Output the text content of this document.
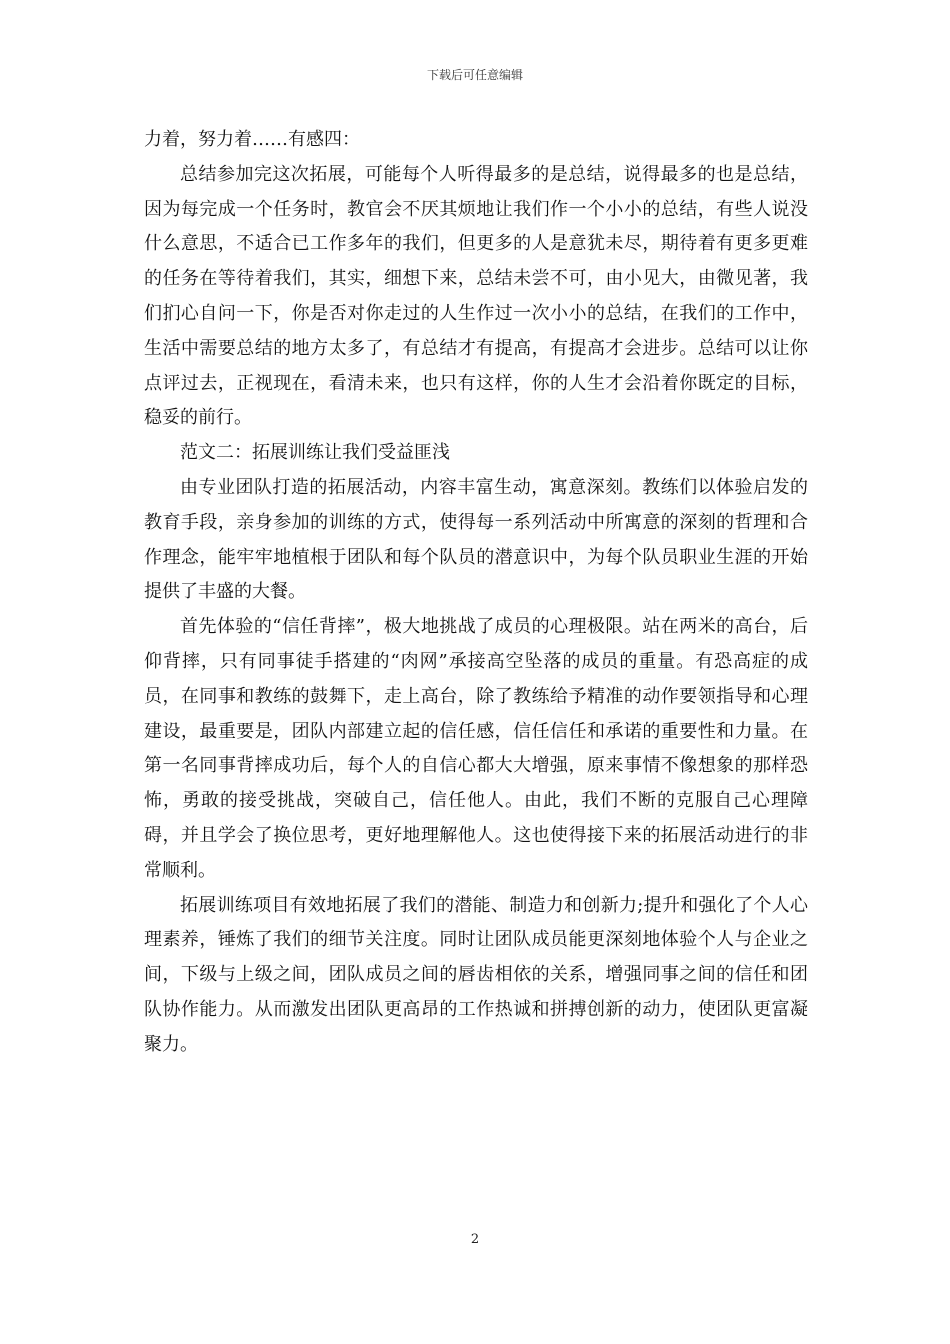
下载后可任意编辑

力着，努力着……有感四：

总结参加完这次拓展，可能每个人听得最多的是总结，说得最多的也是总结，因为每完成一个任务时，教官会不厌其烦地让我们作一个小小的总结，有些人说没什么意思，不适合已工作多年的我们，但更多的人是意犹未尽，期待着有更多更难的任务在等待着我们，其实，细想下来，总结未尝不可，由小见大，由微见著，我们扪心自问一下，你是否对你走过的人生作过一次小小的总结，在我们的工作中，生活中需要总结的地方太多了，有总结才有提高，有提高才会进步。总结可以让你点评过去，正视现在，看清未来，也只有这样，你的人生才会沿着你既定的目标，稳妥的前行。

范文二：拓展训练让我们受益匪浅

由专业团队打造的拓展活动，内容丰富生动，寓意深刻。教练们以体验启发的教育手段，亲身参加的训练的方式，使得每一系列活动中所寓意的深刻的哲理和合作理念，能牢牢地植根于团队和每个队员的潜意识中，为每个队员职业生涯的开始提供了丰盛的大餐。

首先体验的“信任背摔”，极大地挑战了成员的心理极限。站在两米的高台，后仰背摔，只有同事徒手搭建的“肉网”承接高空坠落的成员的重量。有恐高症的成员，在同事和教练的鼓舞下，走上高台，除了教练给予精准的动作要领指导和心理建设，最重要是，团队内部建立起的信任感，信任信任和承诺的重要性和力量。在第一名同事背摔成功后，每个人的自信心都大大增强，原来事情不像想象的那样恐怖，勇敢的接受挑战，突破自己，信任他人。由此，我们不断的克服自己心理障碍，并且学会了换位思考，更好地理解他人。这也使得接下来的拓展活动进行的非常顺利。

拓展训练项目有效地拓展了我们的潜能、制造力和创新力;提升和强化了个人心理素养，锤炼了我们的细节关注度。同时让团队成员能更深刻地体验个人与企业之间，下级与上级之间，团队成员之间的唇齿相依的关系，增强同事之间的信任和团队协作能力。从而激发出团队更高昂的工作热诚和拼搏创新的动力，使团队更富凝聚力。

2
